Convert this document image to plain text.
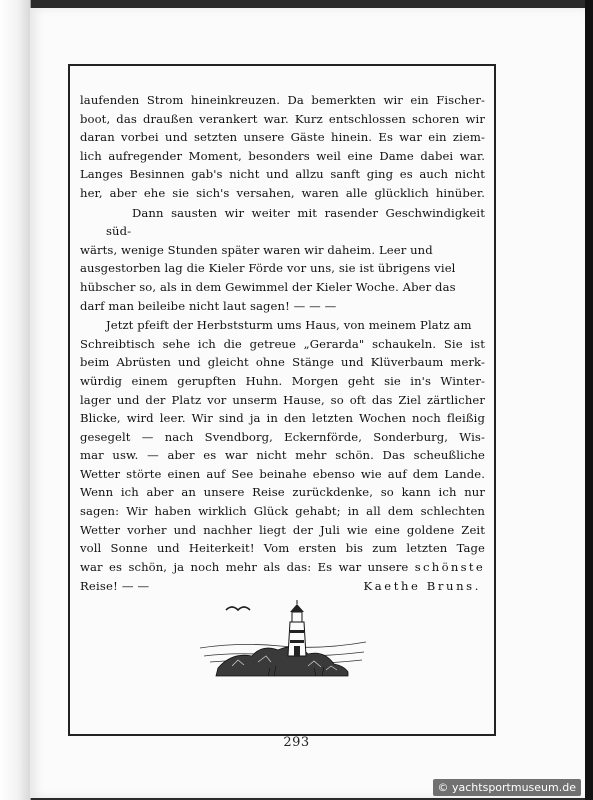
laufenden Strom hineinkreuzen. Da bemerkten wir ein Fischer-
boot, das draußen verankert war. Kurz entschlossen schoren wir
daran vorbei und setzten unsere Gäste hinein. Es war ein ziem-
lich aufregender Moment, besonders weil eine Dame dabei war.
Langes Besinnen gab's nicht und allzu sanft ging es auch nicht
her, aber ehe sie sich's versahen, waren alle glücklich hinüber.
Dann sausten wir weiter mit rasender Geschwindigkeit süd-
wärts, wenige Stunden später waren wir daheim. Leer und
ausgestorben lag die Kieler Förde vor uns, sie ist übrigens viel
hübscher so, als in dem Gewimmel der Kieler Woche. Aber das
darf man beileibe nicht laut sagen! — — —
Jetzt pfeift der Herbststurm ums Haus, von meinem Platz am
Schreibtisch sehe ich die getreue „Gerarda" schaukeln. Sie ist
beim Abrüsten und gleicht ohne Stänge und Klüverbaum merk-
würdig einem gerupften Huhn. Morgen geht sie in's Winter-
lager und der Platz vor unserm Hause, so oft das Ziel zärtlicher
Blicke, wird leer. Wir sind ja in den letzten Wochen noch fleißig
gesegelt — nach Svendborg, Eckernförde, Sonderburg, Wis-
mar usw. — aber es war nicht mehr schön. Das scheußliche
Wetter störte einen auf See beinahe ebenso wie auf dem Lande.
Wenn ich aber an unsere Reise zurückdenke, so kann ich nur
sagen: Wir haben wirklich Glück gehabt; in all dem schlechten
Wetter vorher und nachher liegt der Juli wie eine goldene Zeit
voll Sonne und Heiterkeit! Vom ersten bis zum letzten Tage
war es schön, ja noch mehr als das: Es war unsere schönste
Reise! — —	Kaethe Bruns.
293
© yachtsportmuseum.de
